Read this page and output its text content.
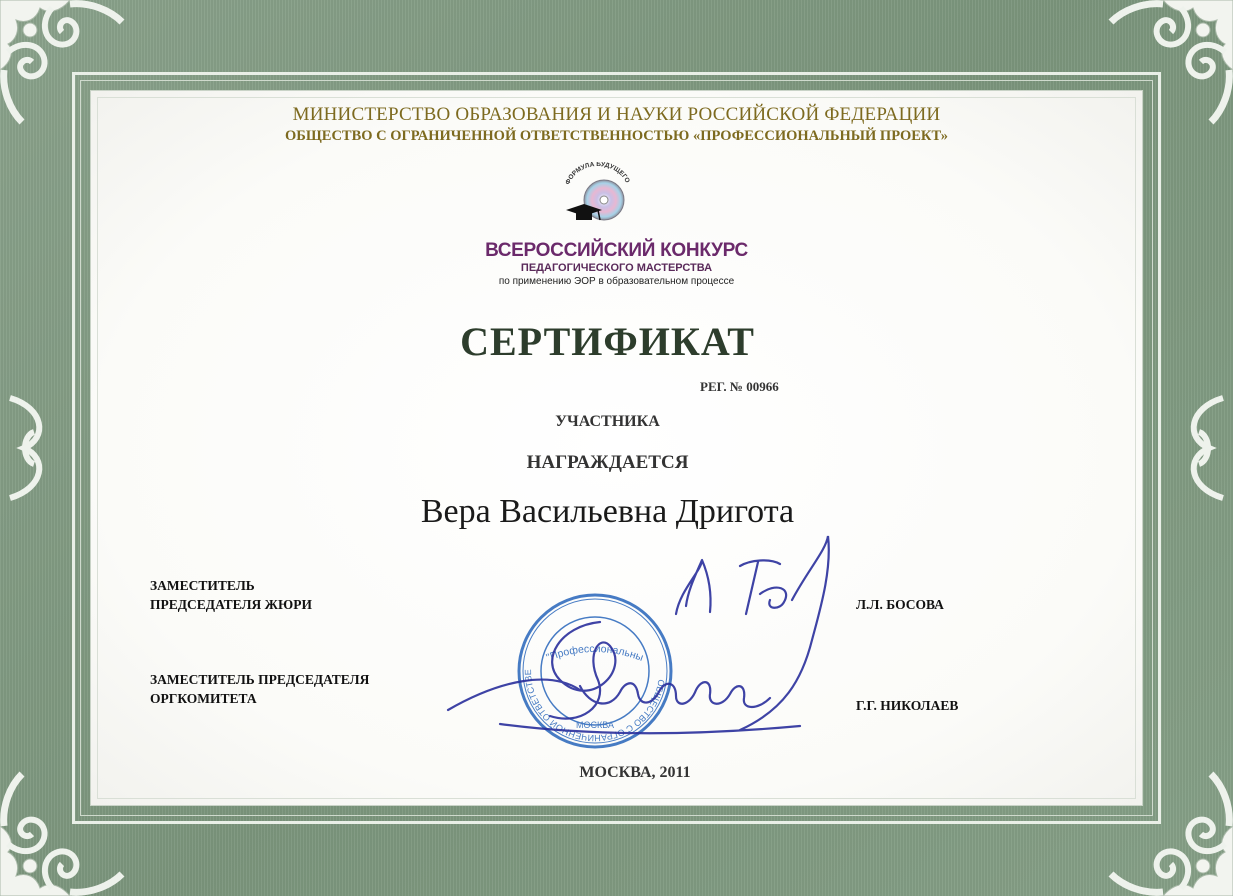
МИНИСТЕРСТВО ОБРАЗОВАНИЯ И НАУКИ РОССИЙСКОЙ ФЕДЕРАЦИИ
ОБЩЕСТВО С ОГРАНИЧЕННОЙ ОТВЕТСТВЕННОСТЬЮ «ПРОФЕССИОНАЛЬНЫЙ ПРОЕКТ»
ФОРМУЛА БУДУЩЕГО
ВСЕРОССИЙСКИЙ КОНКУРС
ПЕДАГОГИЧЕСКОГО МАСТЕРСТВА
по применению ЭОР в образовательном процессе
СЕРТИФИКАТ
РЕГ. № 00966
УЧАСТНИКА
НАГРАЖДАЕТСЯ
Вера Васильевна Дригота
ЗАМЕСТИТЕЛЬ
ПРЕДСЕДАТЕЛЯ ЖЮРИ
ЗАМЕСТИТЕЛЬ ПРЕДСЕДАТЕЛЯ
ОРГКОМИТЕТА
Л.Л. БОСОВА
Г.Г. НИКОЛАЕВ
ОБЩЕСТВО С ОГРАНИЧЕННОЙ ОТВЕТСТВЕ
"Профессиональны
МОСКВА
МОСКВА, 2011
